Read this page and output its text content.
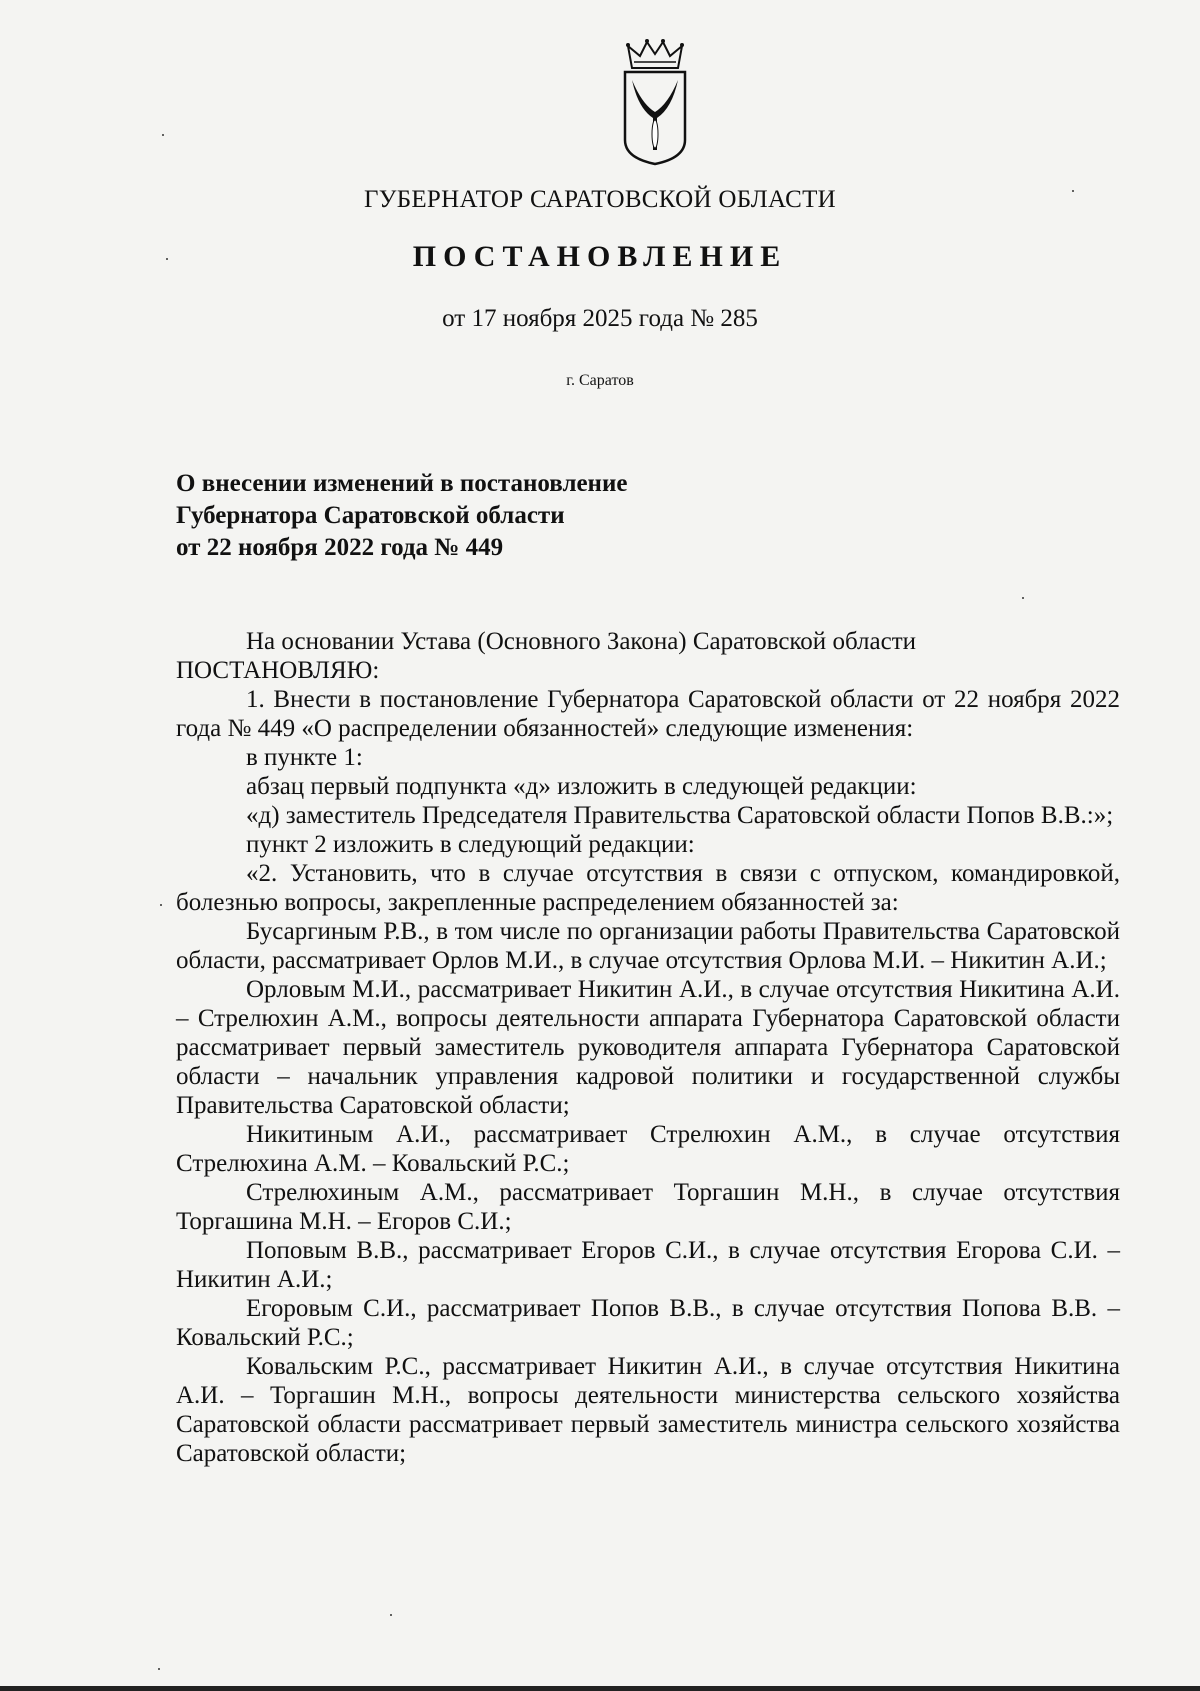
ГУБЕРНАТОР САРАТОВСКОЙ ОБЛАСТИ
ПОСТАНОВЛЕНИЕ
от 17 ноября 2025 года № 285
г. Саратов
О внесении изменений в постановление
Губернатора Саратовской области
от 22 ноября 2022 года № 449

На основании Устава (Основного Закона) Саратовской области

ПОСТАНОВЛЯЮ:

1. Внести в постановление Губернатора Саратовской области от 22 ноября 2022 года № 449 «О распределении обязанностей» следующие изменения:

в пункте 1:

абзац первый подпункта «д» изложить в следующей редакции:

«д) заместитель Председателя Правительства Саратовской области Попов В.В.:»;

пункт 2 изложить в следующий редакции:

«2. Установить, что в случае отсутствия в связи с отпуском, командировкой, болезнью вопросы, закрепленные распределением обязанностей за:

Бусаргиным Р.В., в том числе по организации работы Правительства Саратовской области, рассматривает Орлов М.И., в случае отсутствия Орлова М.И. – Никитин А.И.;

Орловым М.И., рассматривает Никитин А.И., в случае отсутствия Никитина А.И. – Стрелюхин А.М., вопросы деятельности аппарата Губернатора Саратовской области рассматривает первый заместитель руководителя аппарата Губернатора Саратовской области – начальник управления кадровой политики и государственной службы Правительства Саратовской области;

Никитиным А.И., рассматривает Стрелюхин А.М., в случае отсутствия Стрелюхина А.М. – Ковальский Р.С.;

Стрелюхиным А.М., рассматривает Торгашин М.Н., в случае отсутствия Торгашина М.Н. – Егоров С.И.;

Поповым В.В., рассматривает Егоров С.И., в случае отсутствия Егорова С.И. – Никитин А.И.;

Егоровым С.И., рассматривает Попов В.В., в случае отсутствия Попова В.В. – Ковальский Р.С.;

Ковальским Р.С., рассматривает Никитин А.И., в случае отсутствия Никитина А.И. – Торгашин М.Н., вопросы деятельности министерства сельского хозяйства Саратовской области рассматривает первый заместитель министра сельского хозяйства Саратовской области;
